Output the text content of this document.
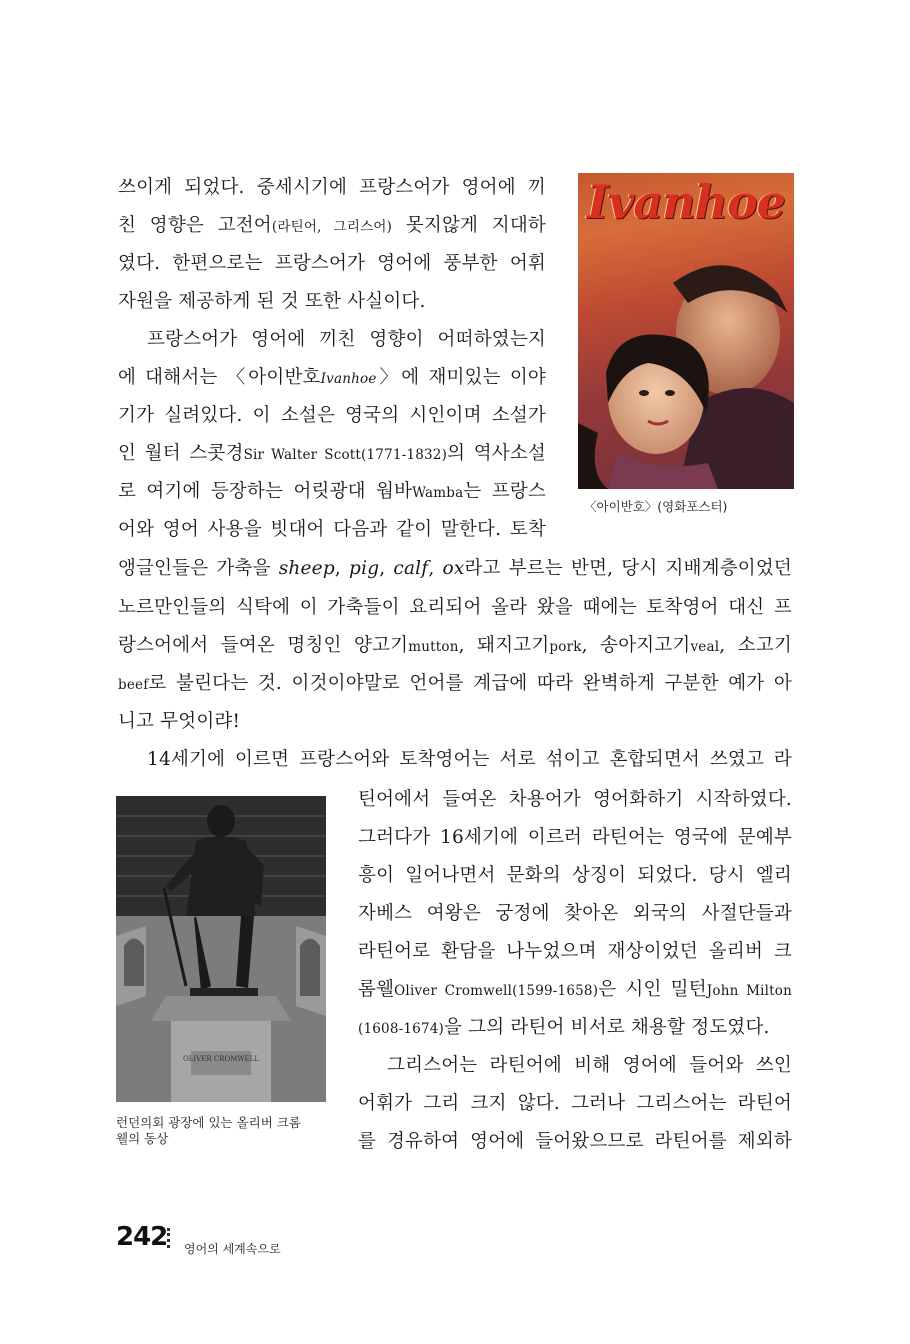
쓰이게 되었다. 중세시기에 프랑스어가 영어에 끼
친 영향은 고전어(라틴어, 그리스어) 못지않게 지대하
였다. 한편으로는 프랑스어가 영어에 풍부한 어휘
자원을 제공하게 된 것 또한 사실이다.
프랑스어가 영어에 끼친 영향이 어떠하였는지
에 대해서는 〈아이반호Ivanhoe〉에 재미있는 이야
기가 실려있다. 이 소설은 영국의 시인이며 소설가
인 월터 스콧경Sir Walter Scott(1771-1832)의 역사소설
로 여기에 등장하는 어릿광대 웜바Wamba는 프랑스
어와 영어 사용을 빗대어 다음과 같이 말한다. 토착
앵글인들은 가축을 sheep, pig, calf, ox라고 부르는 반면, 당시 지배계층이었던
노르만인들의 식탁에 이 가축들이 요리되어 올라 왔을 때에는 토착영어 대신 프
랑스어에서 들여온 명칭인 양고기mutton, 돼지고기pork, 송아지고기veal, 소고기
beef로 불린다는 것. 이것이야말로 언어를 계급에 따라 완벽하게 구분한 예가 아
니고 무엇이랴!
14세기에 이르면 프랑스어와 토착영어는 서로 섞이고 혼합되면서 쓰였고 라
틴어에서 들여온 차용어가 영어화하기 시작하였다.
그러다가 16세기에 이르러 라틴어는 영국에 문예부
흥이 일어나면서 문화의 상징이 되었다. 당시 엘리
자베스 여왕은 궁정에 찾아온 외국의 사절단들과
라틴어로 환담을 나누었으며 재상이었던 올리버 크
롬웰Oliver Cromwell(1599-1658)은 시인 밀턴John Milton
(1608-1674)을 그의 라틴어 비서로 채용할 정도였다.
그리스어는 라틴어에 비해 영어에 들어와 쓰인
어휘가 그리 크지 않다. 그러나 그리스어는 라틴어
를 경유하여 영어에 들어왔으므로 라틴어를 제외하
Ivanhoe
〈아이반호〉(영화포스터)
OLIVER CROMWELL
런던의회 광장에 있는 올리버 크롬
웰의 동상
242 영어의 세계속으로
